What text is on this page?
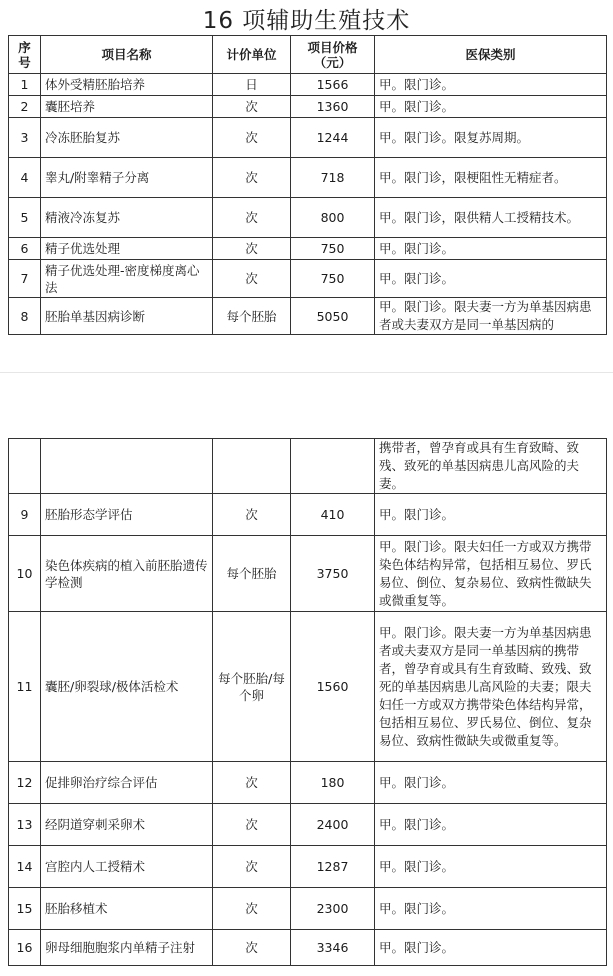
16 项辅助生殖技术
序号	项目名称	计价单位	项目价格（元）	医保类别
1	体外受精胚胎培养	日	1566	甲。限门诊。
2	囊胚培养	次	1360	甲。限门诊。
3	冷冻胚胎复苏	次	1244	甲。限门诊。限复苏周期。
4	睾丸/附睾精子分离	次	718	甲。限门诊，限梗阻性无精症者。
5	精液冷冻复苏	次	800	甲。限门诊，限供精人工授精技术。
6	精子优选处理	次	750	甲。限门诊。
7	精子优选处理-密度梯度离心法	次	750	甲。限门诊。
8	胚胎单基因病诊断	每个胚胎	5050	甲。限门诊。限夫妻一方为单基因病患者或夫妻双方是同一单基因病的
				携带者，曾孕育或具有生育致畸、致残、致死的单基因病患儿高风险的夫妻。
9	胚胎形态学评估	次	410	甲。限门诊。
10	染色体疾病的植入前胚胎遗传学检测	每个胚胎	3750	甲。限门诊。限夫妇任一方或双方携带染色体结构异常，包括相互易位、罗氏易位、倒位、复杂易位、致病性微缺失或微重复等。
11	囊胚/卵裂球/极体活检术	每个胚胎/每个卵	1560	甲。限门诊。限夫妻一方为单基因病患者或夫妻双方是同一单基因病的携带者，曾孕育或具有生育致畸、致残、致死的单基因病患儿高风险的夫妻；限夫妇任一方或双方携带染色体结构异常，包括相互易位、罗氏易位、倒位、复杂易位、致病性微缺失或微重复等。
12	促排卵治疗综合评估	次	180	甲。限门诊。
13	经阴道穿刺采卵术	次	2400	甲。限门诊。
14	宫腔内人工授精术	次	1287	甲。限门诊。
15	胚胎移植术	次	2300	甲。限门诊。
16	卵母细胞胞浆内单精子注射	次	3346	甲。限门诊。
